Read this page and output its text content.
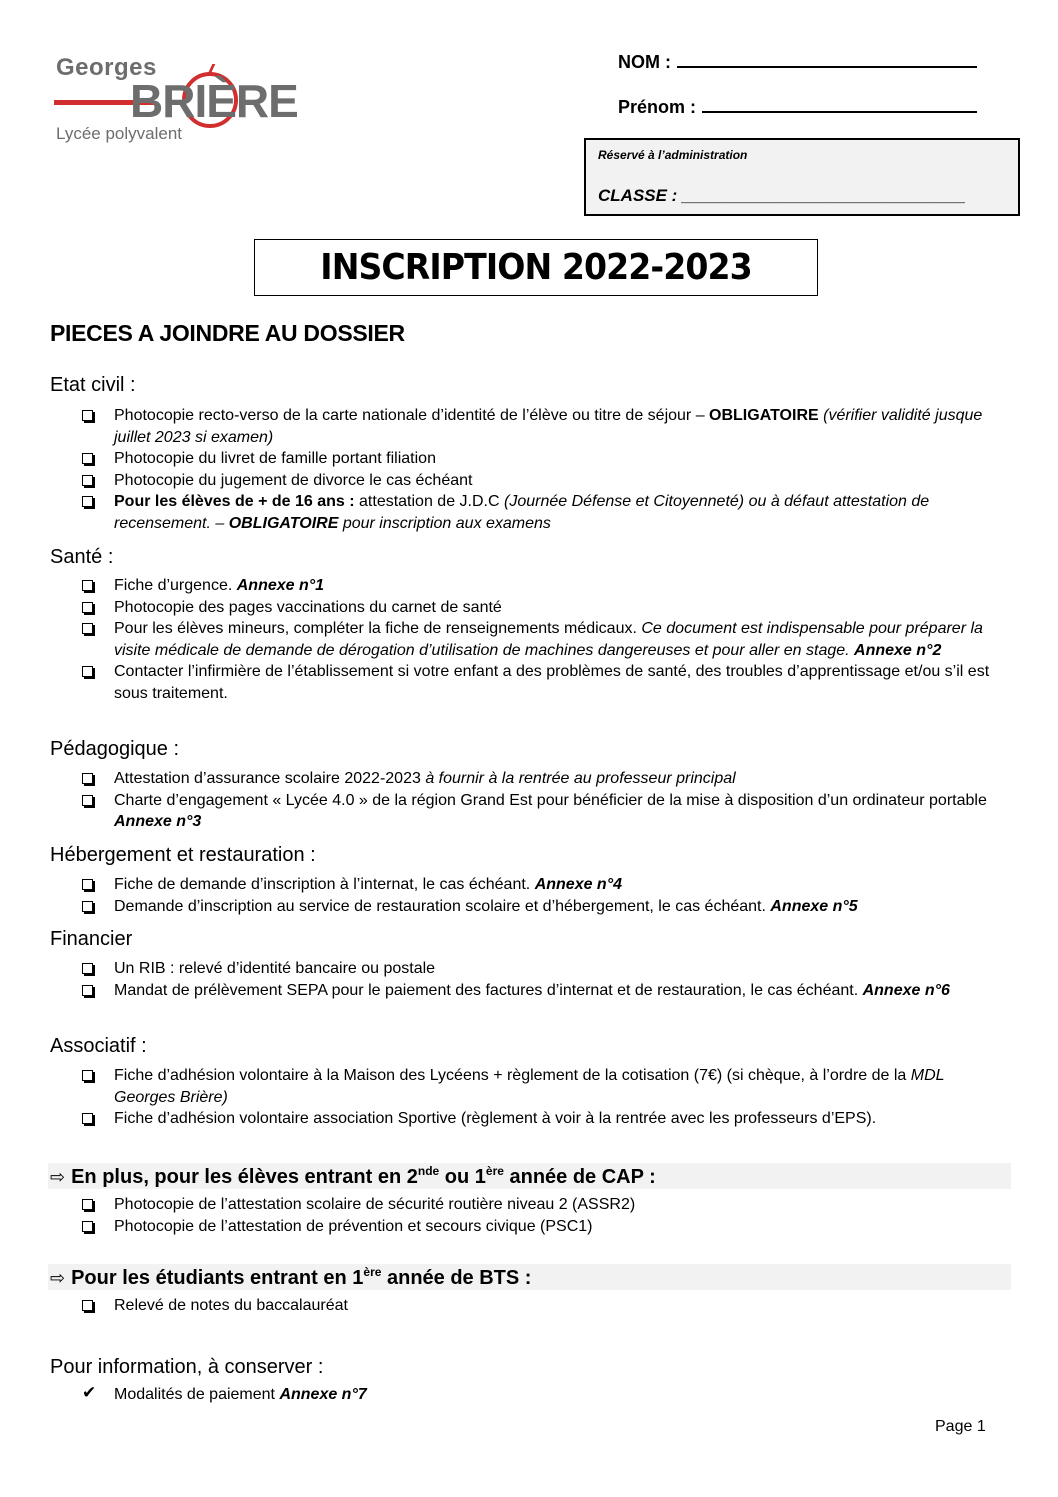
Georges
BRIÈRE
Lycée polyvalent
NOM :
Prénom :
Réservé à l’administration
CLASSE : ______________________________
INSCRIPTION 2022-2023
PIECES A JOINDRE AU DOSSIER
Etat civil :
Photocopie recto-verso de la carte nationale d’identité de l’élève ou titre de séjour – OBLIGATOIRE (vérifier validité jusque juillet 2023 si examen)
Photocopie du livret de famille portant filiation
Photocopie du jugement de divorce le cas échéant
Pour les élèves de + de 16 ans : attestation de J.D.C (Journée Défense et Citoyenneté) ou à défaut attestation de recensement. – OBLIGATOIRE pour inscription aux examens
Santé :
Fiche d’urgence. Annexe n°1
Photocopie des pages vaccinations du carnet de santé
Pour les élèves mineurs, compléter la fiche de renseignements médicaux. Ce document est indispensable pour préparer la visite médicale de demande de dérogation d’utilisation de machines dangereuses et pour aller en stage. Annexe n°2
Contacter l’infirmière de l’établissement si votre enfant a des problèmes de santé, des troubles d’apprentissage et/ou s’il est sous traitement.
Pédagogique :
Attestation d’assurance scolaire 2022-2023 à fournir à la rentrée au professeur principal
Charte d’engagement « Lycée 4.0 » de la région Grand Est pour bénéficier de la mise à disposition d’un ordinateur portable Annexe n°3
Hébergement et restauration :
Fiche de demande d’inscription à l’internat, le cas échéant. Annexe n°4
Demande d’inscription au service de restauration scolaire et d’hébergement, le cas échéant. Annexe n°5
Financier
Un RIB : relevé d’identité bancaire ou postale
Mandat de prélèvement SEPA pour le paiement des factures d’internat et de restauration, le cas échéant. Annexe n°6
Associatif :
Fiche d’adhésion volontaire à la Maison des Lycéens + règlement de la cotisation (7€) (si chèque, à l’ordre de la MDL Georges Brière)
Fiche d’adhésion volontaire association Sportive (règlement à voir à la rentrée avec les professeurs d’EPS).
⇨ En plus, pour les élèves entrant en 2nde ou 1ère année de CAP :
Photocopie de l’attestation scolaire de sécurité routière niveau 2 (ASSR2)
Photocopie de l’attestation de prévention et secours civique (PSC1)
⇨ Pour les étudiants entrant en 1ère année de BTS :
Relevé de notes du baccalauréat
Pour information, à conserver :
✔ Modalités de paiement Annexe n°7
Page 1
